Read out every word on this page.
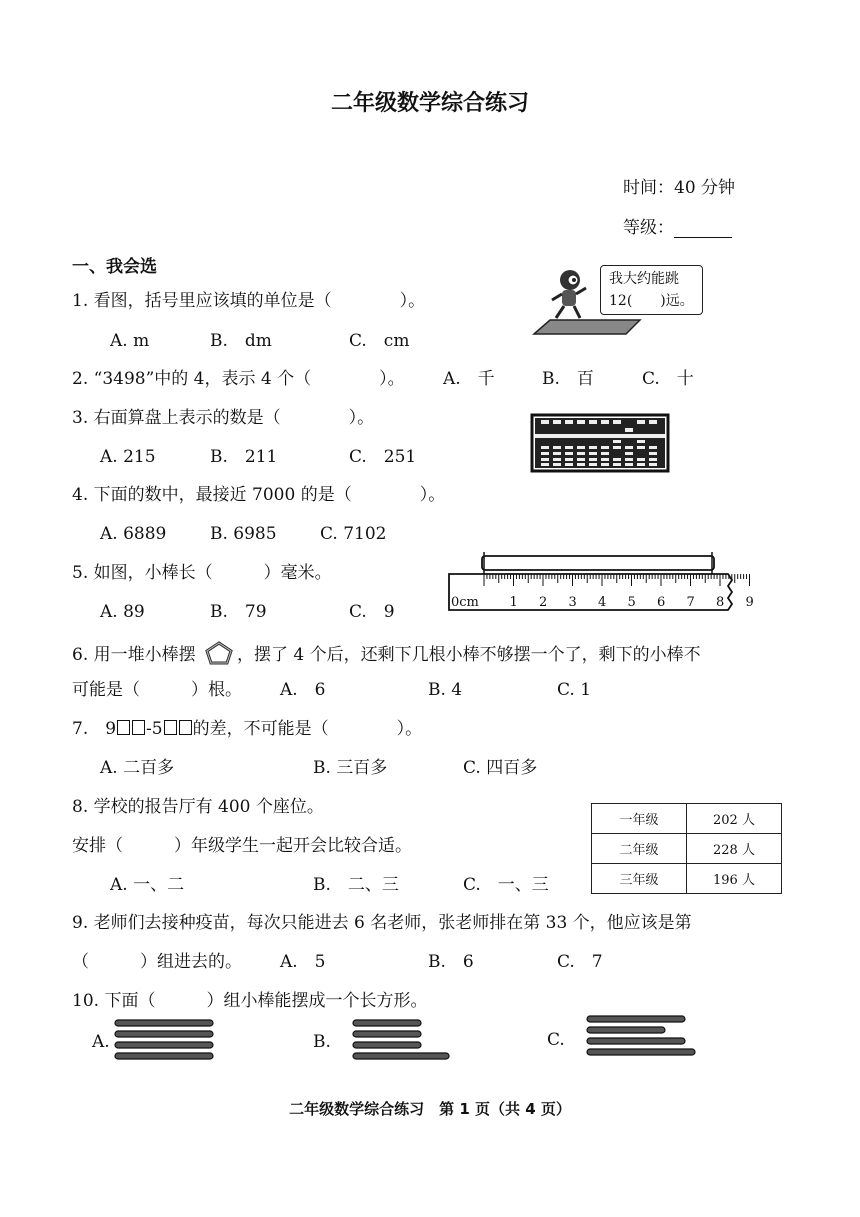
二年级数学综合练习
时间：40 分钟
等级：
一、我会选
1. 看图，括号里应该填的单位是（　　　　）。
A. m	B.　dm	C.　cm
我大约能跳
12(　　)远。
2. “3498”中的 4，表示 4 个（　　　　）。 A.　千	B.　百	C.　十
3. 右面算盘上表示的数是（　　　　）。
A. 215	B.　211	C.　251
4. 下面的数中，最接近 7000 的是（　　　　）。
A. 6889	B. 6985	C. 7102
5. 如图，小棒长（　　　）毫米。
A. 89	B.　79	C.　9	0cm 1 2 3 4 5 6 7 8 9
6. 用一堆小棒摆 ，摆了 4 个后，还剩下几根小棒不够摆一个了，剩下的小棒不
可能是（　　　）根。 A.　6	B. 4	C. 1
7.　9 -5 的差，不可能是（　　　　）。
A. 二百多	B. 三百多	C. 四百多
8. 学校的报告厅有 400 个座位。
安排（　　　）年级学生一起开会比较合适。
A. 一、二	B.　二、三	C.　一、三
一年级	202 人
二年级	228 人
三年级	196 人
9. 老师们去接种疫苗，每次只能进去 6 名老师，张老师排在第 33 个，他应该是第
（　　　）组进去的。 A.　5	B.　6	C.　7
10. 下面（　　　）组小棒能摆成一个长方形。
A.	B.	C.
二年级数学综合练习　第 1 页（共 4 页）
